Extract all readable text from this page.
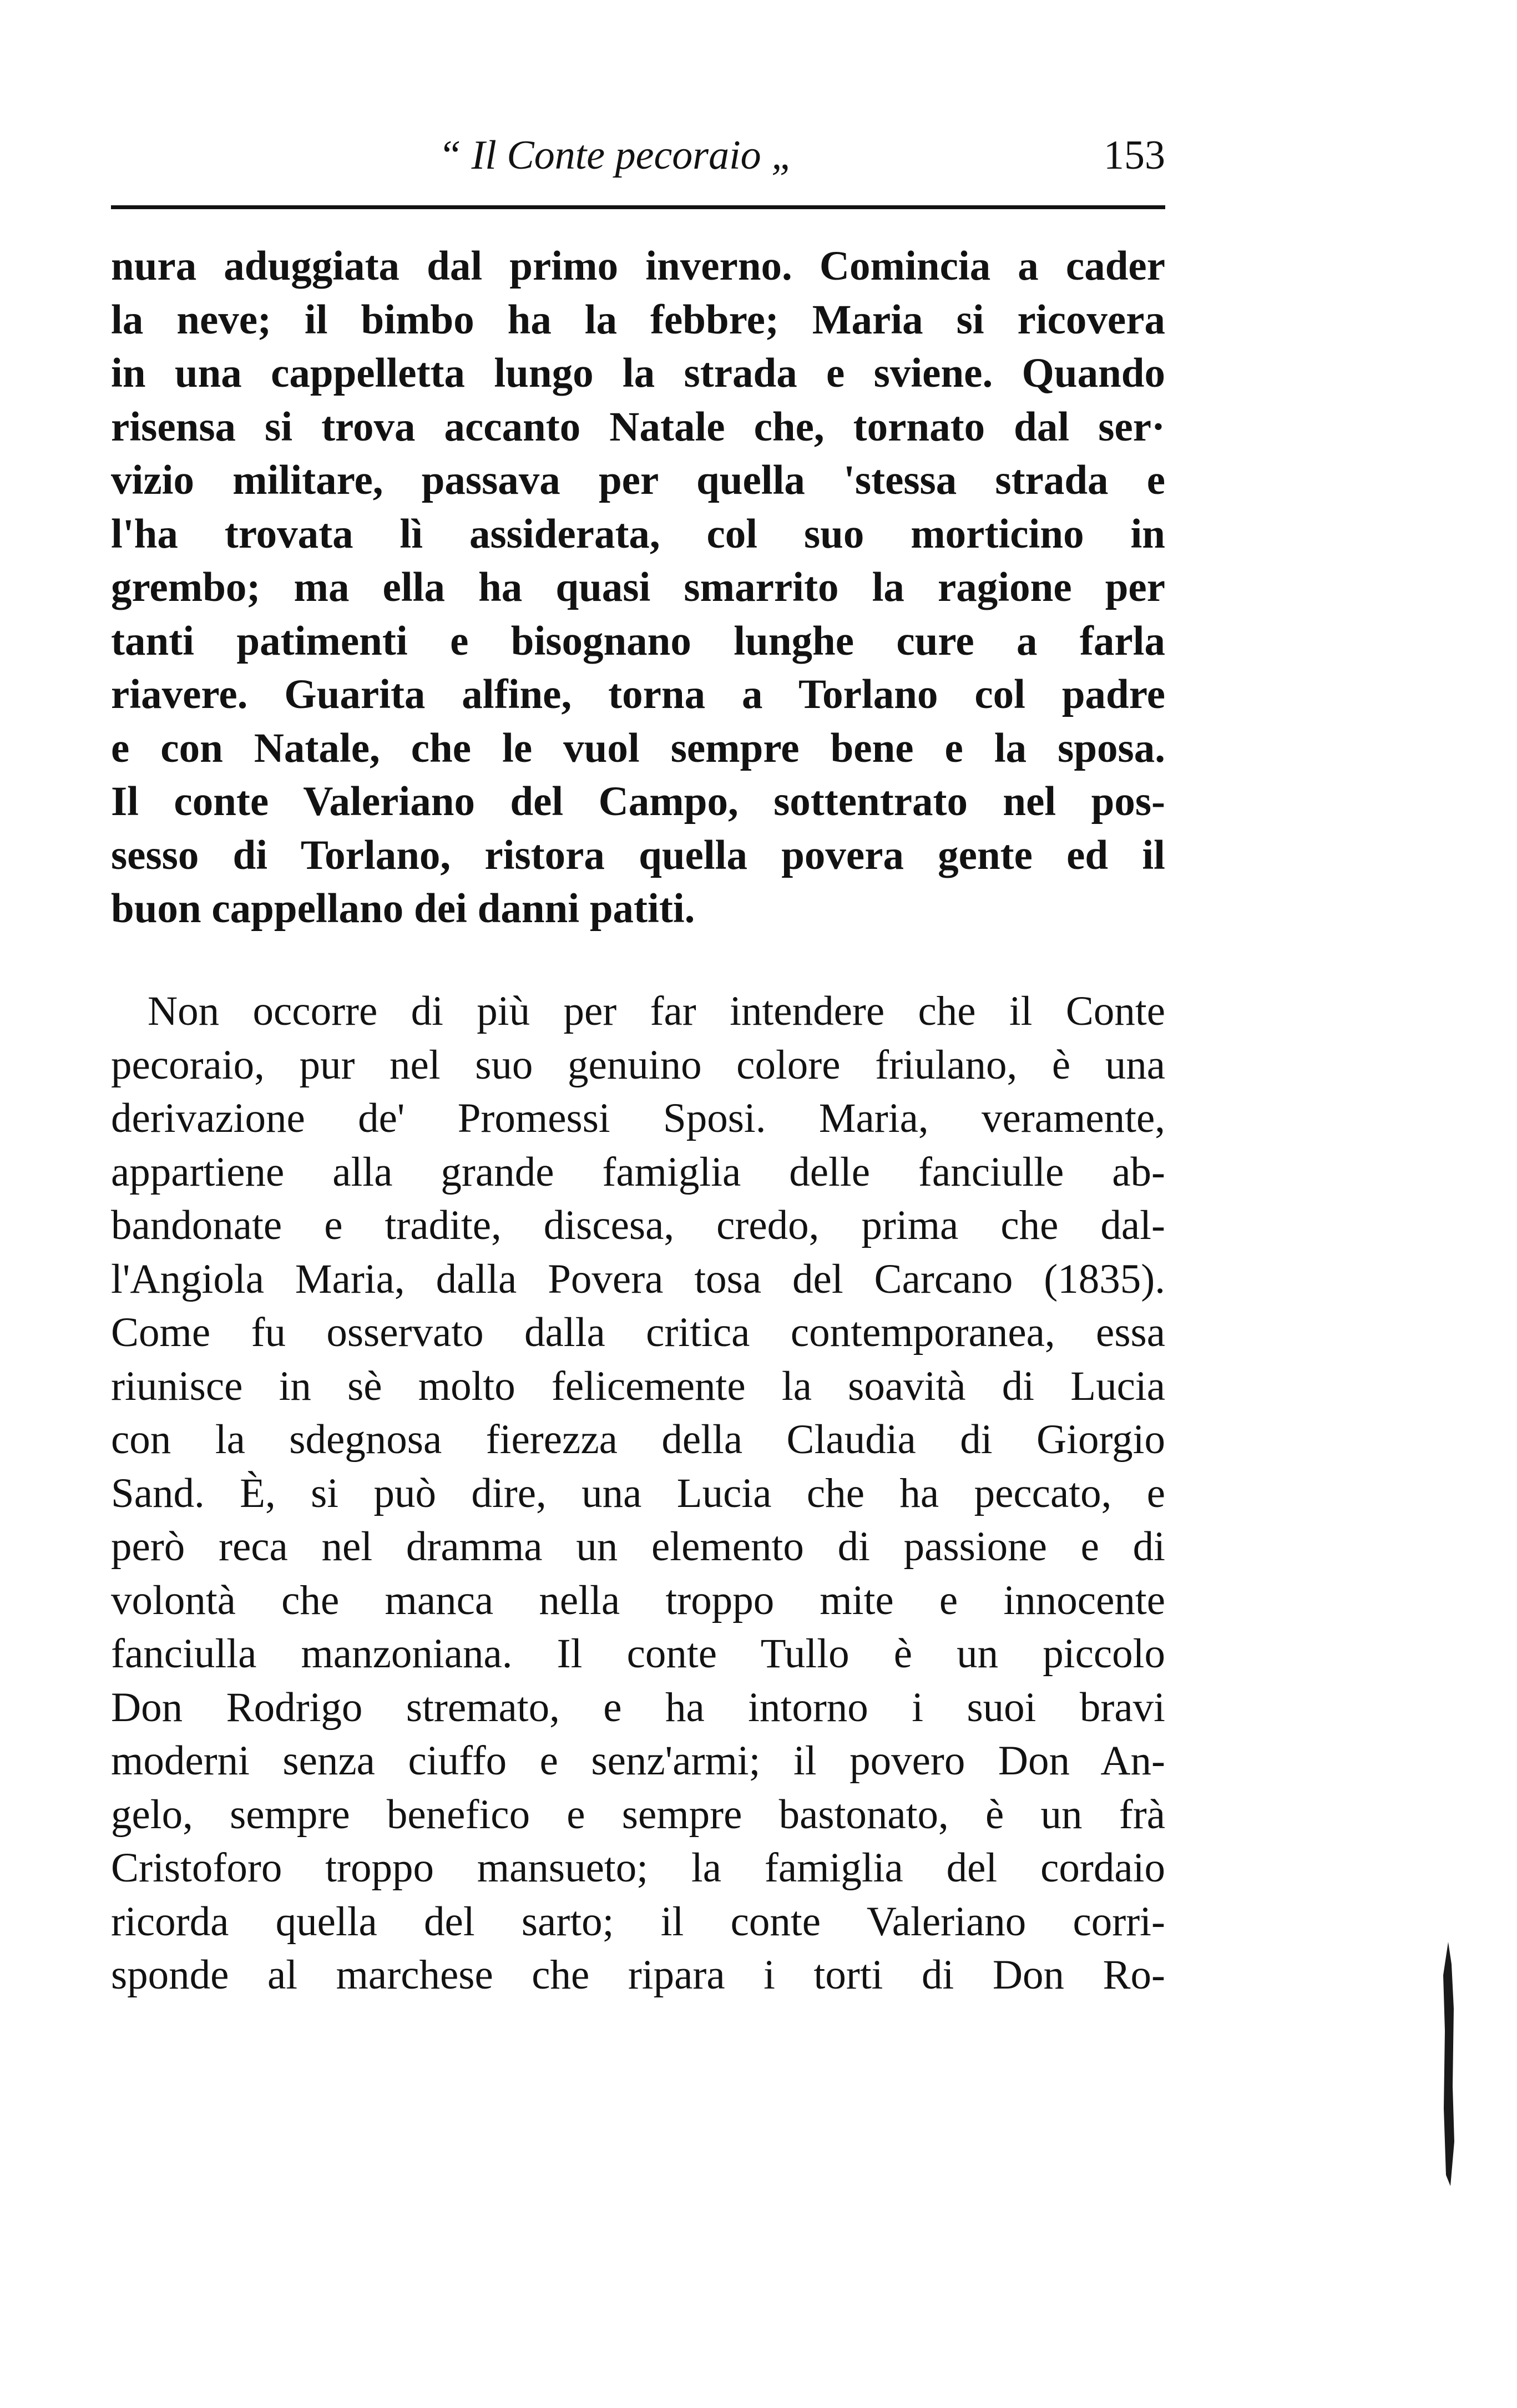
“ Il Conte pecoraio „	153
nura aduggiata dal primo inverno. Comincia a cader
la neve; il bimbo ha la febbre; Maria si ricovera
in una cappelletta lungo la strada e sviene. Quando
risensa si trova accanto Natale che, tornato dal ser·
vizio militare, passava per quella 'stessa strada e
l'ha trovata lì assiderata, col suo morticino in
grembo; ma ella ha quasi smarrito la ragione per
tanti patimenti e bisognano lunghe cure a farla
riavere. Guarita alfine, torna a Torlano col padre
e con Natale, che le vuol sempre bene e la sposa.
Il conte Valeriano del Campo, sottentrato nel pos-
sesso di Torlano, ristora quella povera gente ed il
buon cappellano dei danni patiti.
Non occorre di più per far intendere che il Conte
pecoraio, pur nel suo genuino colore friulano, è una
derivazione de' Promessi Sposi. Maria, veramente,
appartiene alla grande famiglia delle fanciulle ab-
bandonate e tradite, discesa, credo, prima che dal-
l'Angiola Maria, dalla Povera tosa del Carcano (1835).
Come fu osservato dalla critica contemporanea, essa
riunisce in sè molto felicemente la soavità di Lucia
con la sdegnosa fierezza della Claudia di Giorgio
Sand. È, si può dire, una Lucia che ha peccato, e
però reca nel dramma un elemento di passione e di
volontà che manca nella troppo mite e innocente
fanciulla manzoniana. Il conte Tullo è un piccolo
Don Rodrigo stremato, e ha intorno i suoi bravi
moderni senza ciuffo e senz'armi; il povero Don An-
gelo, sempre benefico e sempre bastonato, è un frà
Cristoforo troppo mansueto; la famiglia del cordaio
ricorda quella del sarto; il conte Valeriano corri-
sponde al marchese che ripara i torti di Don Ro-
